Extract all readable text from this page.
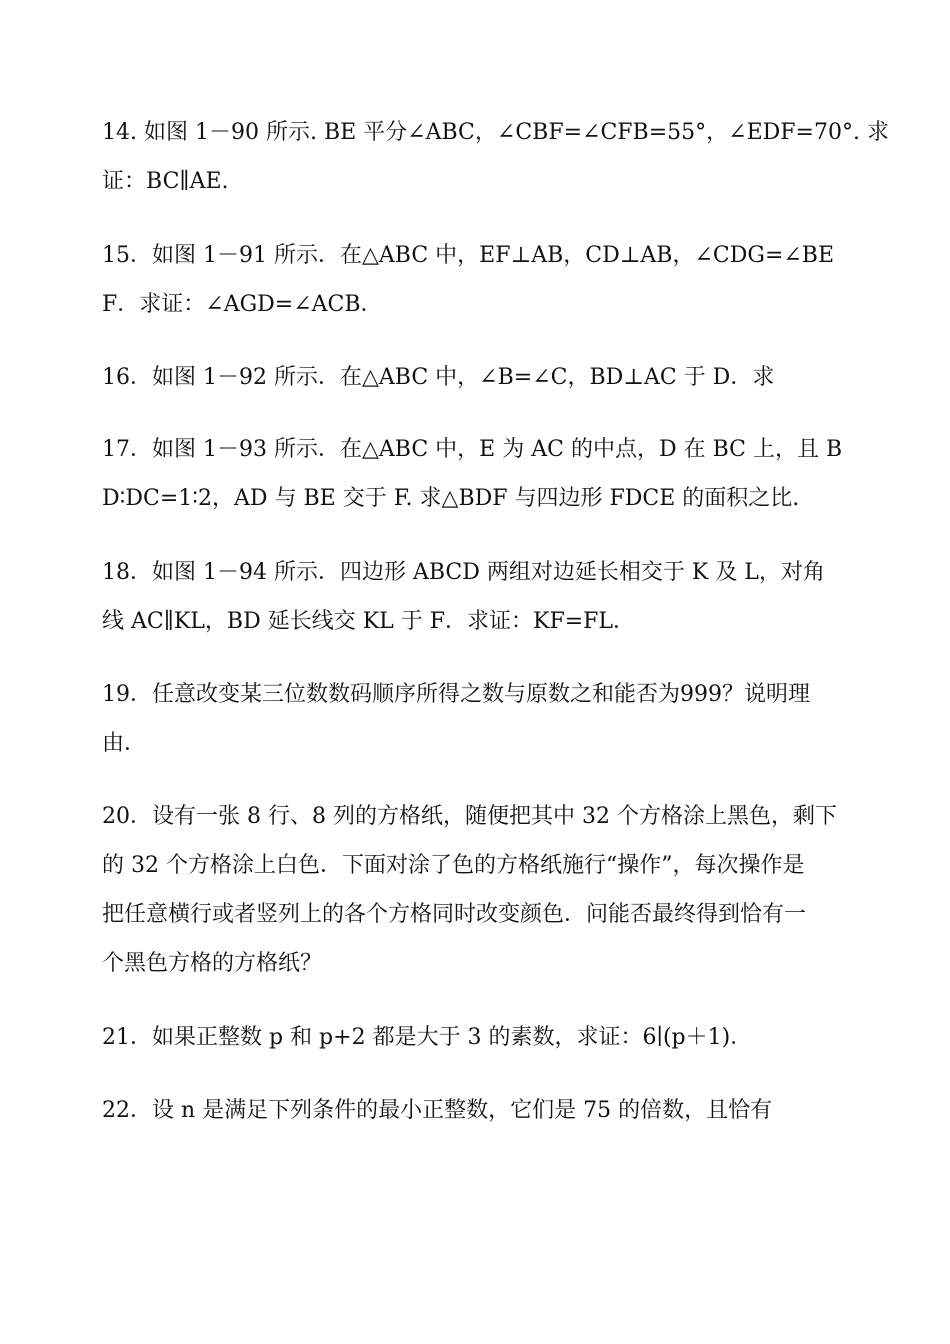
14. 如图 1－90 所示. BE 平分∠ABC，∠CBF=∠CFB=55°，∠EDF=70°. 求
证：BC∥AE.
15．如图 1－91 所示．在△ABC 中，EF⊥AB，CD⊥AB，∠CDG=∠BE
F．求证：∠AGD=∠ACB．
16．如图 1－92 所示．在△ABC 中，∠B=∠C，BD⊥AC 于 D．求
17．如图 1－93 所示．在△ABC 中，E 为 AC 的中点，D 在 BC 上，且 B
D∶DC=1∶2，AD 与 BE 交于 F. 求△BDF 与四边形 FDCE 的面积之比.
18．如图 1－94 所示．四边形 ABCD 两组对边延长相交于 K 及 L，对角
线 AC∥KL，BD 延长线交 KL 于 F．求证：KF=FL．
19．任意改变某三位数数码顺序所得之数与原数之和能否为999？说明理
由．
20．设有一张 8 行、8 列的方格纸，随便把其中 32 个方格涂上黑色，剩下
的 32 个方格涂上白色．下面对涂了色的方格纸施行“操作”，每次操作是
把任意横行或者竖列上的各个方格同时改变颜色．问能否最终得到恰有一
个黑色方格的方格纸？
21．如果正整数 p 和 p+2 都是大于 3 的素数，求证：6∣(p＋1)．
22．设 n 是满足下列条件的最小正整数，它们是 75 的倍数，且恰有
